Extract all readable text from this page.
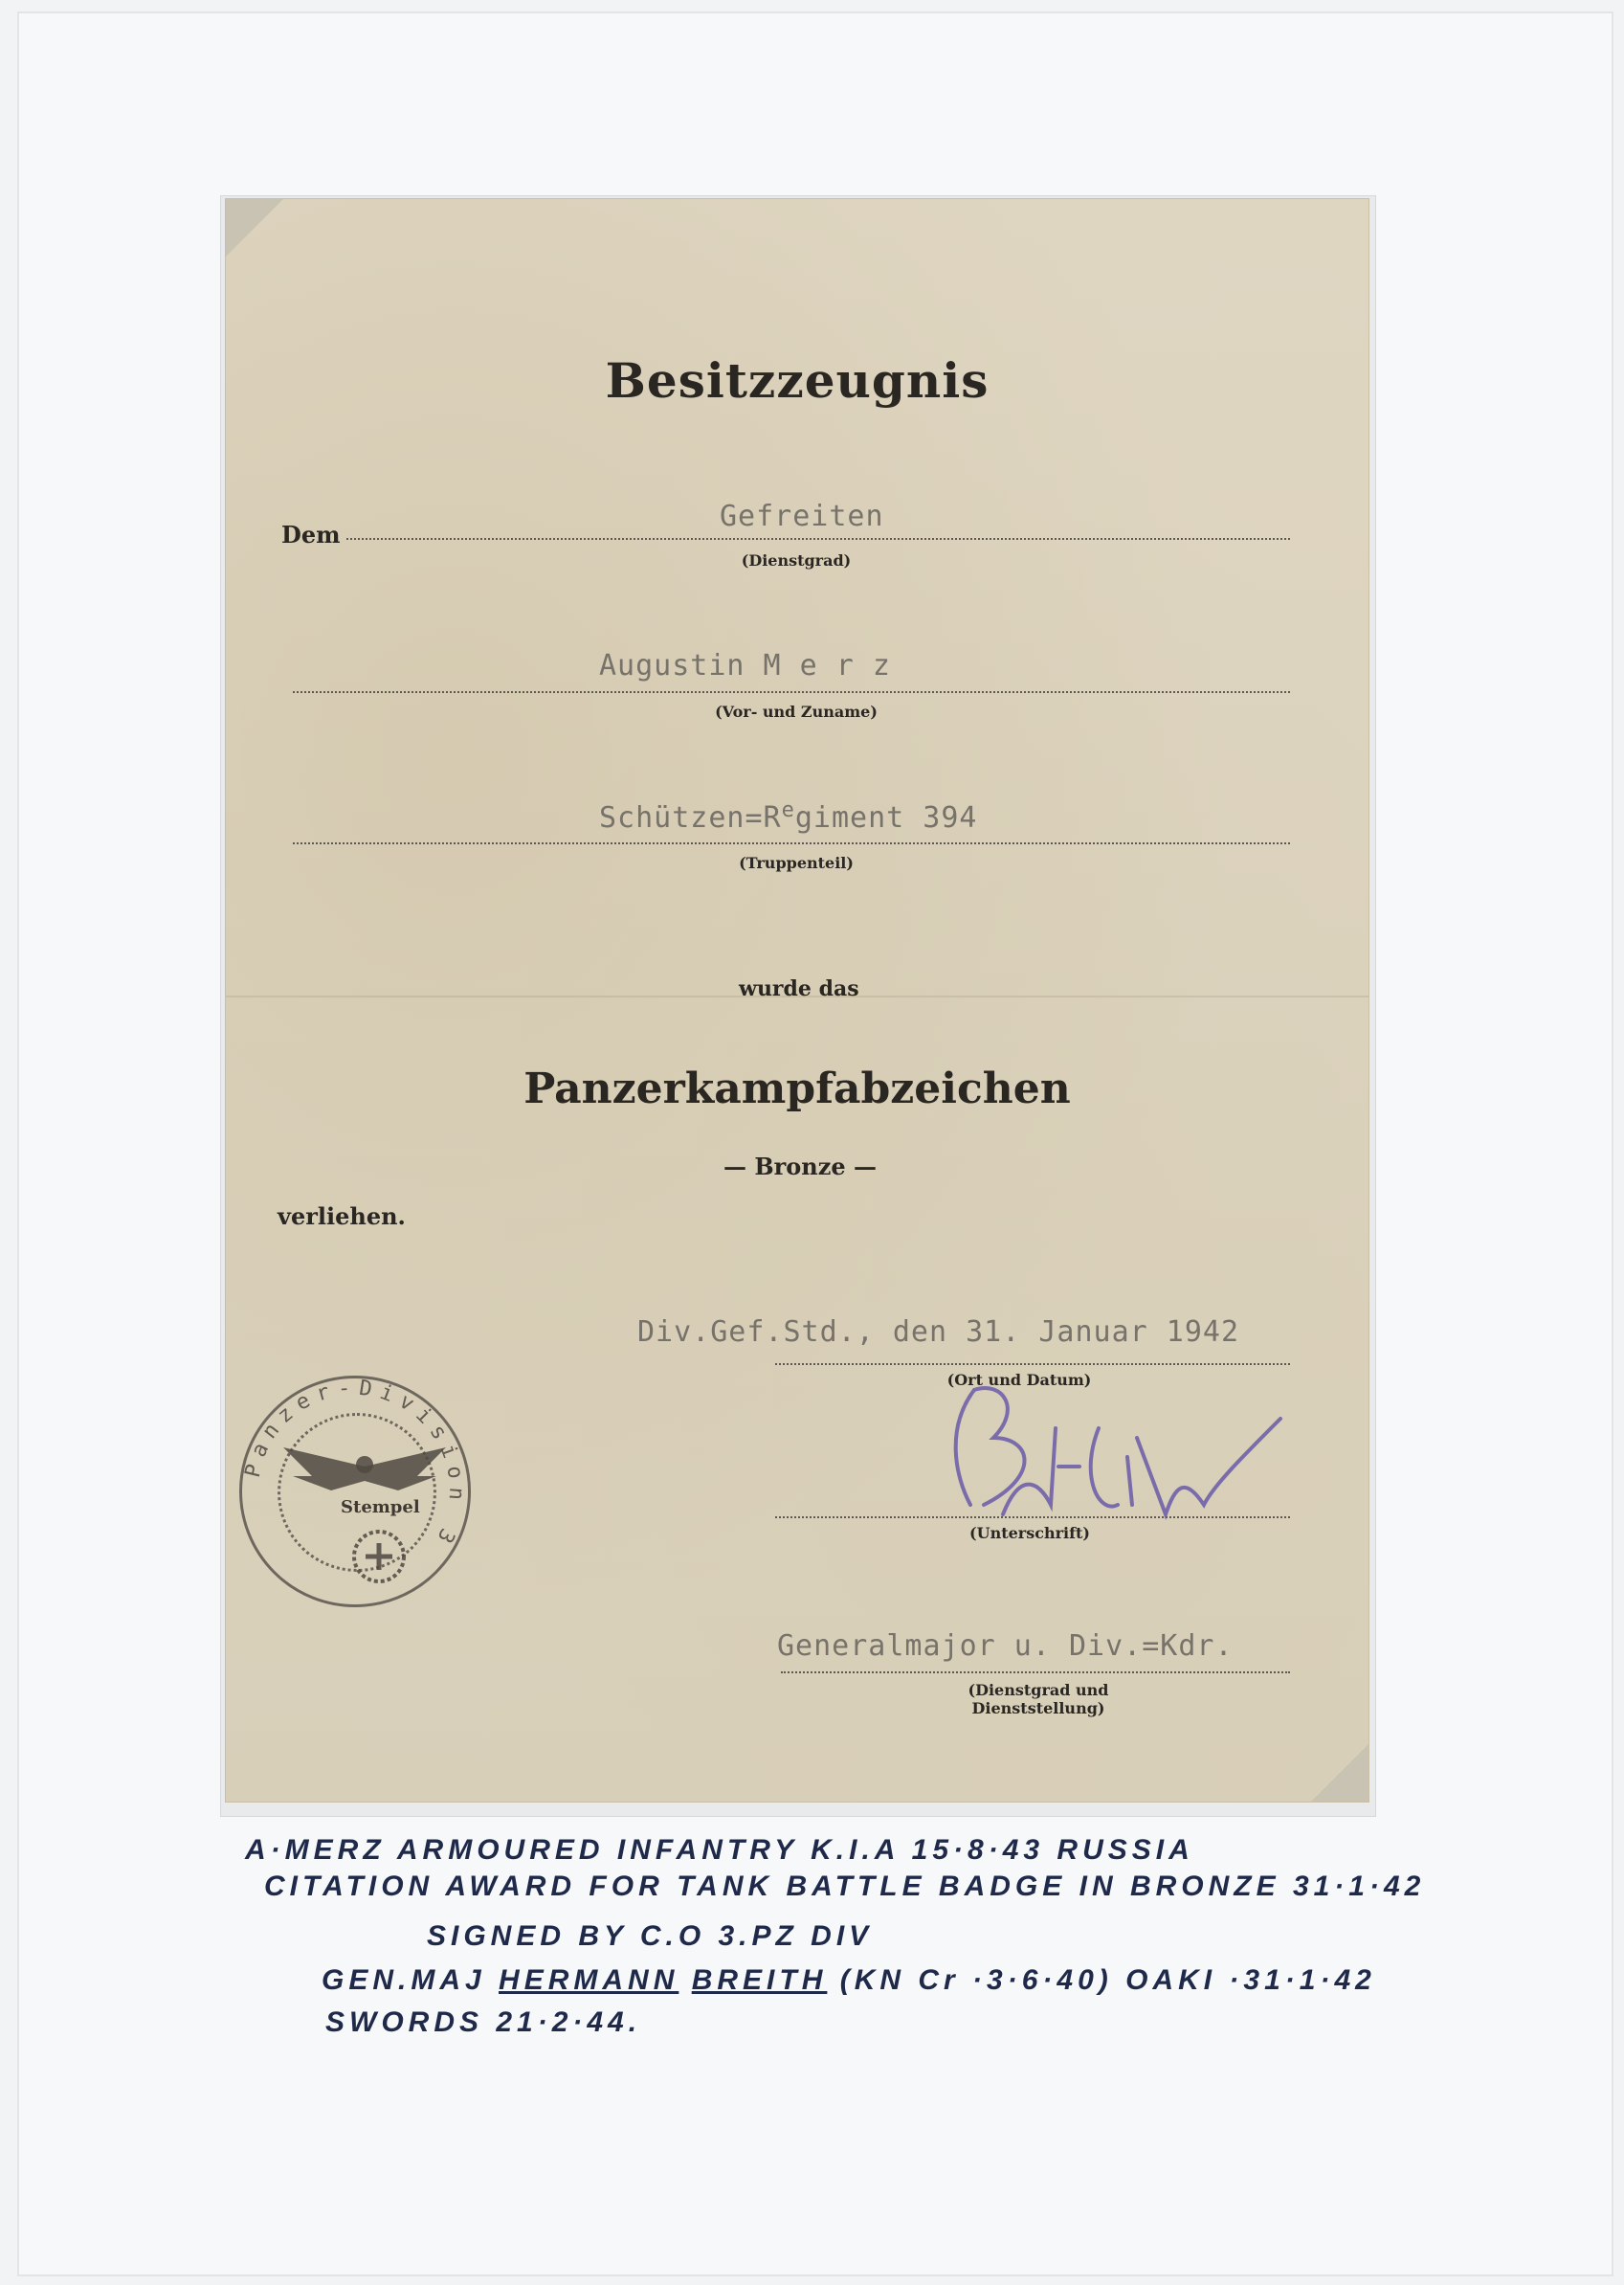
Besitzzeugnis
Dem
Gefreiten
(Dienstgrad)
Augustin M e r z
(Vor- und Zuname)
$Schützen=R^egiment$ 394
(Truppenteil)
wurde das
Panzerkampfabzeichen
— Bronze —
verliehen.
Div.Gef.Std., den 31. Januar 1942
(Ort und Datum)
(Unterschrift)
Generalmajor u. Div.=Kdr.
(Dienstgrad und Dienststellung)
Stempel
Panzer-Division 3
A·MERZ ARMOURED INFANTRY K.I.A 15·8·43 RUSSIA
CITATION AWARD FOR TANK BATTLE BADGE IN BRONZE 31·1·42
SIGNED BY C.O 3.PZ DIV
GEN.MAJ HERMANN BREITH (KN Cr ·3·6·40) OAKI ·31·1·42
SWORDS 21·2·44.
